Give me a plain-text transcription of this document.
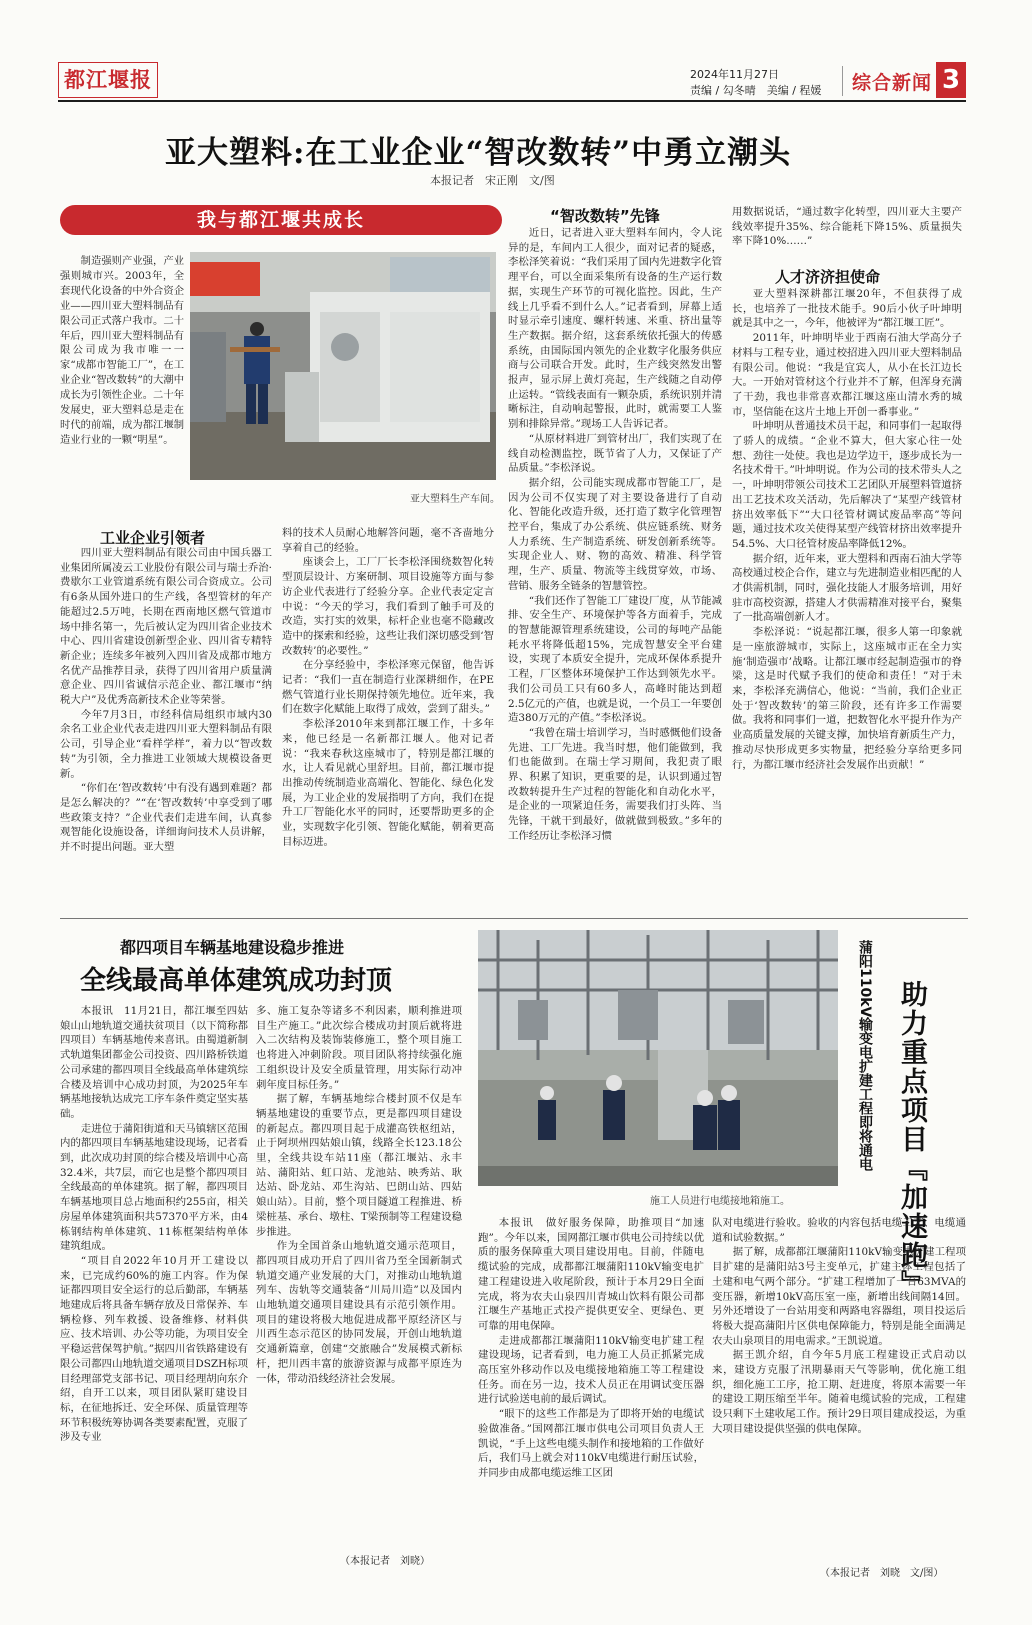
都江堰报	2024年11月27日
责编 / 勾冬晴　美编 / 程媛 综合新闻 3
亚大塑料:在工业企业“智改数转”中勇立潮头
本报记者　宋正刚　文/图
我与都江堰共成长
制造强则产业强，产业强则城市兴。2003年，全套现代化设备的中外合资企业——四川亚大塑料制品有限公司正式落户我市。二十年后，四川亚大塑料制品有限公司成为我市唯一一家“成都市智能工厂”，在工业企业“智改数转”的大潮中成长为引领性企业。二十年发展史，亚大塑料总是走在时代的前端，成为都江堰制造业行业的一颗“明星”。
亚大塑料生产车间。
工业企业引领者

四川亚大塑料制品有限公司由中国兵器工业集团所属凌云工业股份有限公司与瑞士乔治·费歇尔工业管道系统有限公司合资成立。公司有6条从国外进口的生产线，各型管材的年产能超过2.5万吨，长期在西南地区燃气管道市场中排名第一，先后被认定为四川省企业技术中心、四川省建设创新型企业、四川省专精特新企业；连续多年被列入四川省及成都市地方名优产品推荐目录，获得了四川省用户质量满意企业、四川省诚信示范企业、都江堰市“纳税大户”及优秀高新技术企业等荣誉。

今年7月3日，市经科信局组织市域内30余名工业企业代表走进四川亚大塑料制品有限公司，引导企业“看样学样”，着力以“智改数转”为引领，全力推进工业领域大规模设备更新。

“你们在‘智改数转’中有没有遇到难题？都是怎么解决的？”“在‘智改数转’中享受到了哪些政策支持？”企业代表们走进车间，认真参观智能化设施设备，详细询问技术人员讲解，并不时提出问题。亚大塑

料的技术人员耐心地解答问题，毫不吝啬地分享着自己的经验。

座谈会上，工厂厂长李松泽围绕数智化转型顶层设计、方案研制、项目设施等方面与参访企业代表进行了经验分享。企业代表定定言中说：“今天的学习，我们看到了触手可及的改造，实打实的效果，标杆企业也毫不隐藏改造中的探索和经验，这些让我们深切感受到‘智改数转’的必要性。”

在分享经验中，李松泽寒元保留，他告诉记者：“我们一直在制造行业深耕细作，在PE燃气管道行业长期保持领先地位。近年来，我们在数字化赋能上取得了成效，尝到了甜头。”

李松泽2010年来到都江堰工作，十多年来，他已经是一名新都江堰人。他对记者说：“我来春秋这座城市了，特别是都江堰的水，让人看见就心里舒坦。目前，都江堰市提出推动传统制造业高端化、智能化、绿色化发展，为工业企业的发展指明了方向，我们在提升工厂智能化水平的同时，还要帮助更多的企业，实现数字化引领、智能化赋能，朝着更高目标迈进。

“智改数转”先锋

近日，记者进入亚大塑料车间内，令人诧异的是，车间内工人很少，面对记者的疑惑，李松泽笑着说：“我们采用了国内先进数字化管理平台，可以全面采集所有设备的生产运行数据，实现生产环节的可视化监控。因此，生产线上几乎看不到什么人。”记者看到，屏幕上适时显示牵引速度、螺杆转速、米重、挤出量等生产数据。据介绍，这套系统依托强大的传感系统，由国际国内领先的企业数字化服务供应商与公司联合开发。此时，生产线突然发出警报声，显示屏上黄灯亮起，生产线随之自动停止运转。“管线表面有一颗杂质，系统识别并清晰标注，自动响起警报，此时，就需要工人鉴别和排除异常。”现场工人告诉记者。

“从原材料进厂到管材出厂，我们实现了在线自动检测监控，既节省了人力，又保证了产品质量。”李松泽说。

据介绍，公司能实现成都市智能工厂，是因为公司不仅实现了对主要设备进行了自动化、智能化改造升级，还打造了数字化管理智控平台，集成了办公系统、供应链系统、财务人力系统、生产制造系统、研发创新系统等。实现企业人、财、物的高效、精准、科学管理，生产、质量、物流等主线贯穿效，市场、营销、服务全链条的智慧管控。

“我们还作了智能工厂建设厂度，从节能减排、安全生产、环境保护等各方面着手，完成的智慧能源管理系统建设，公司的每吨产品能耗水平将降低超15%，完成智慧安全平台建设，实现了本质安全提升，完成环保体系提升工程，厂区整体环境保护工作达到领先水平。我们公司员工只有60多人，高峰时能达到超2.5亿元的产值，也就是说，一个员工一年要创造380万元的产值。”李松泽说。

“我曾在瑞士培训学习，当时感慨他们设备先进、工厂先进。我当时想，他们能做到，我们也能做到。在瑞士学习期间，我犯责了眼界、积累了知识，更重要的是，认识到通过智改数转提升生产过程的智能化和自动化水平，是企业的一项紧迫任务，需要我们打头阵、当先锋，干就干到最好，做就做到极致。”多年的工作经历让李松泽习惯

用数据说话，“通过数字化转型，四川亚大主要产线效率提升35%、综合能耗下降15%、质量损失率下降10%……”

人才济济担使命

亚大塑料深耕都江堰20年，不但获得了成长，也培养了一批技术能手。90后小伙子叶坤明就是其中之一，今年，他被评为“都江堰工匠”。

2011年，叶坤明毕业于西南石油大学高分子材料与工程专业，通过校招进入四川亚大塑料制品有限公司。他说：“我是宜宾人，从小在长江边长大。一开始对管材这个行业并不了解，但浑身充满了干劲，我也非常喜欢都江堰这座山清水秀的城市，坚信能在这片土地上开创一番事业。”

叶坤明从普通技术员干起，和同事们一起取得了骄人的成绩。“企业不算大，但大家心往一处想、劲往一处使。我也是边学边干，逐步成长为一名技术骨干。”叶坤明说。作为公司的技术带头人之一，叶坤明带领公司技术工艺团队开展塑料管道挤出工艺技术攻关活动，先后解决了“某型产线管材挤出效率低下”“大口径管材调试废品率高”等问题，通过技术攻关使得某型产线管材挤出效率提升54.5%、大口径管材废品率降低12%。

据介绍，近年来，亚大塑料和西南石油大学等高校通过校企合作，建立与先进制造业相匹配的人才供需机制，同时，强化技能人才服务培训，用好驻市高校资源，搭建人才供需精准对接平台，聚集了一批高端创新人才。

李松泽说：“说起都江堰，很多人第一印象就是一座旅游城市，实际上，这座城市正在全力实施‘制造强市’战略。让都江堰市经起制造强市的脊梁，这是时代赋予我们的使命和责任！”对于未来，李松泽充满信心，他说：“当前，我们企业正处于‘智改数转’的第三阶段，还有许多工作需要做。我将和同事们一道，把数智化水平提升作为产业高质量发展的关键支撑，加快培育新质生产力，推动尽快形成更多实物量，把经验分享给更多同行，为都江堰市经济社会发展作出贡献！”

都四项目车辆基地建设稳步推进
全线最高单体建筑成功封顶

本报讯　11月21日，都江堰至四姑娘山山地轨道交通扶贫项目（以下简称都四项目）车辆基地传来喜讯。由蜀道新制式轨道集团都金公司投资、四川路桥铁道公司承建的都四项目全线最高单体建筑综合楼及培训中心成功封顶，为2025年车辆基地接轨达成完工序车条件奠定坚实基础。

走进位于蒲阳街道和天马镇辖区范围内的都四项目车辆基地建设现场，记者看到，此次成功封顶的综合楼及培训中心高32.4米，共7层，而它也是整个都四项目全线最高的单体建筑。据了解，都四项目车辆基地项目总占地面积约255亩，相关房屋单体建筑面积共57370平方米，由4栋钢结构单体建筑、11栋框架结构单体建筑组成。

“项目自2022年10月开工建设以来，已完成约60%的施工内容。作为保证都四项目安全运行的总后勤部，车辆基地建成后将具备车辆存放及日常保养、车辆检修、列车救援、设备维修、材料供应、技术培训、办公等功能，为项目安全平稳运营保驾护航。”据四川省铁路建设有限公司都四山地轨道交通项目DSZH标项目经理部党支部书记、项目经理胡向东介绍，自开工以来，项目团队紧盯建设目标，在征地拆迁、安全环保、质量管理等环节积极统筹协调各类要素配置，克服了涉及专业

多、施工复杂等诸多不利因素，顺利推进项目生产施工。”此次综合楼成功封顶后就将进入二次结构及装饰装修施工，整个项目施工也将进入冲刺阶段。项目团队将持续强化施工组织设计及安全质量管理，用实际行动冲刺年度目标任务。”

据了解，车辆基地综合楼封顶不仅是车辆基地建设的重要节点，更是都四项目建设的新起点。都四项目起于成灌高铁枢纽站，止于阿坝州四姑娘山镇，线路全长123.18公里，全线共设车站11座（都江堰站、永丰站、蒲阳站、虹口站、龙池站、映秀站、耿达站、卧龙站、邓生沟站、巴朗山站、四姑娘山站）。目前，整个项目隧道工程推进、桥梁桩基、承台、墩柱、T梁预制等工程建设稳步推进。

作为全国首条山地轨道交通示范项目，都四项目成功开启了四川省乃至全国新制式轨道交通产业发展的大门，对推动山地轨道列车、齿轨等交通装备“川局川造”以及国内山地轨道交通项目建设具有示范引领作用。项目的建设将极大地促进成都平原经济区与川西生态示范区的协同发展，开创山地轨道交通新篇章，创建“交旅融合”发展模式新标杆，把川西丰富的旅游资源与成都平原连为一体，带动沿线经济社会发展。

（本报记者　刘晓）
施工人员进行电缆接地箱施工。	助力重点项目『加速跑』
蒲阳110kV输变电扩建工程即将通电

本报讯　做好服务保障，助推项目“加速跑”。今年以来，国网都江堰市供电公司持续以优质的服务保障重大项目建设用电。目前，伴随电缆试验的完成，成都都江堰蒲阳110kV输变电扩建工程建设进入收尾阶段，预计于本月29日全面完成，将为农夫山泉四川青城山饮料有限公司都江堰生产基地正式投产提供更安全、更绿色、更可靠的用电保障。

走进成都都江堰蒲阳110kV输变电扩建工程建设现场，记者看到，电力施工人员正抓紧完成高压室外移动作以及电缆接地箱施工等工程建设任务。而在另一边，技术人员正在用调试变压器进行试验送电前的最后调试。

“眼下的这些工作都是为了即将开始的电缆试验做准备。”国网都江堰市供电公司项目负责人王凯说，“手上这些电缆头制作和接地箱的工作做好后，我们马上就会对110kV电缆进行耐压试验，并同步由成都电缆运维工区团

队对电缆进行验收。验收的内容包括电缆工艺、电缆通道和试验数据。”

据了解，成都都江堰蒲阳110kV输变电扩建工程项目扩建的是蒲阳站3号主变单元，扩建主体工程包括了土建和电气两个部分。“扩建工程增加了一台63MVA的变压器，新增10kV高压室一座，新增出线间隔14回。另外还增设了一台站用变和两路电容器组，项目投运后将极大提高蒲阳片区供电保障能力，特别是能全面满足农夫山泉项目的用电需求。”王凯说道。

据王凯介绍，自今年5月底工程建设正式启动以来，建设方克服了汛期暴雨天气等影响，优化施工组织，细化施工工序，抢工期、赶进度，将原本需要一年的建设工期压缩至半年。随着电缆试验的完成，工程建设只剩下土建收尾工作。预计29日项目建成投运，为重大项目建设提供坚强的供电保障。

（本报记者　刘晓　文/图）
